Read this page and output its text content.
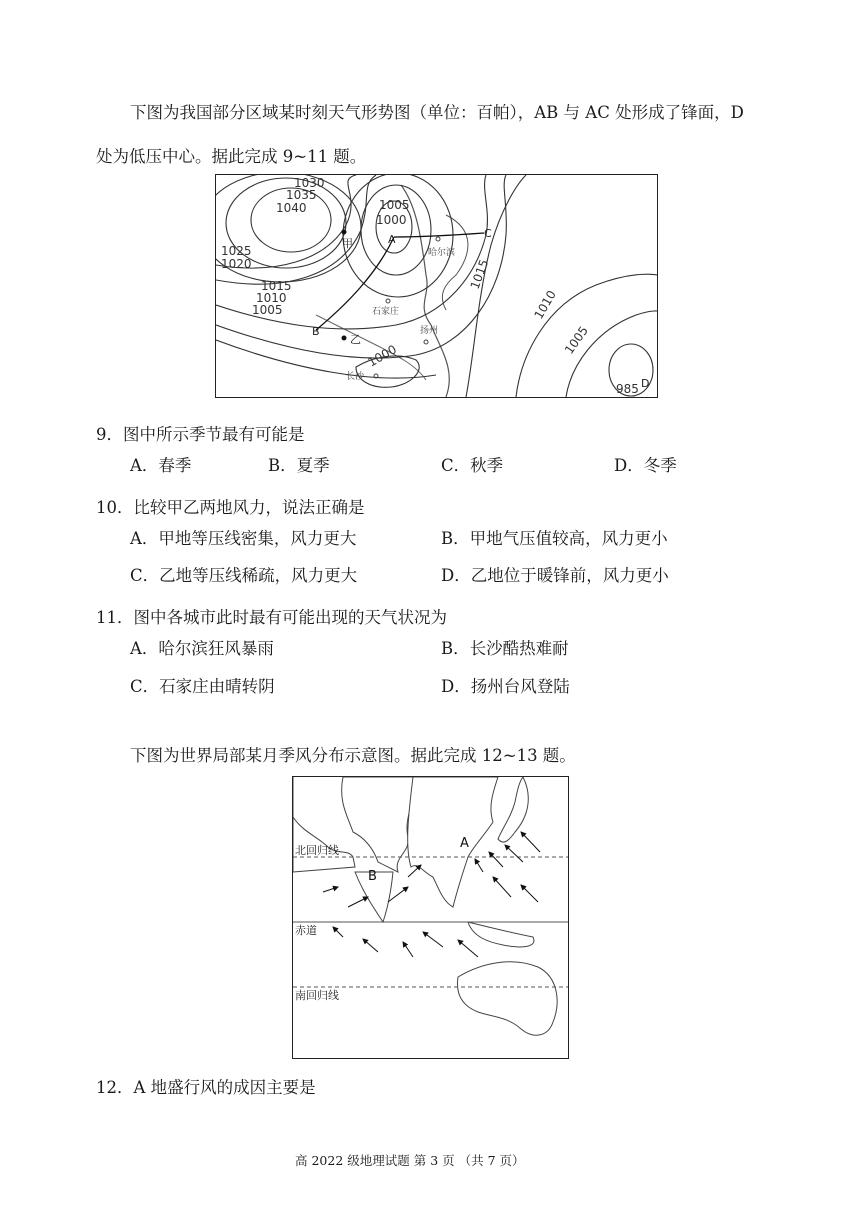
下图为我国部分区域某时刻天气形势图（单位：百帕），AB 与 AC 处形成了锋面，D
处为低压中心。据此完成 9~11 题。
1030
1035
1040
1025
1020
1015
1010
1005
1005
1000
1015
1010
1005
1000
985
A
B
C
D
甲
乙
哈尔滨
石家庄
扬州
长沙
9．图中所示季节最有可能是
A．春季	B．夏季	C．秋季	D．冬季
10．比较甲乙两地风力，说法正确是
A．甲地等压线密集，风力更大	B．甲地气压值较高，风力更小
C．乙地等压线稀疏，风力更大	D．乙地位于暖锋前，风力更小
11．图中各城市此时最有可能出现的天气状况为
A．哈尔滨狂风暴雨	B．长沙酷热难耐
C．石家庄由晴转阴	D．扬州台风登陆
下图为世界局部某月季风分布示意图。据此完成 12~13 题。
北回归线
赤道
南回归线
A
B
12．A 地盛行风的成因主要是
高 2022 级地理试题 第 3 页 （共 7 页）
